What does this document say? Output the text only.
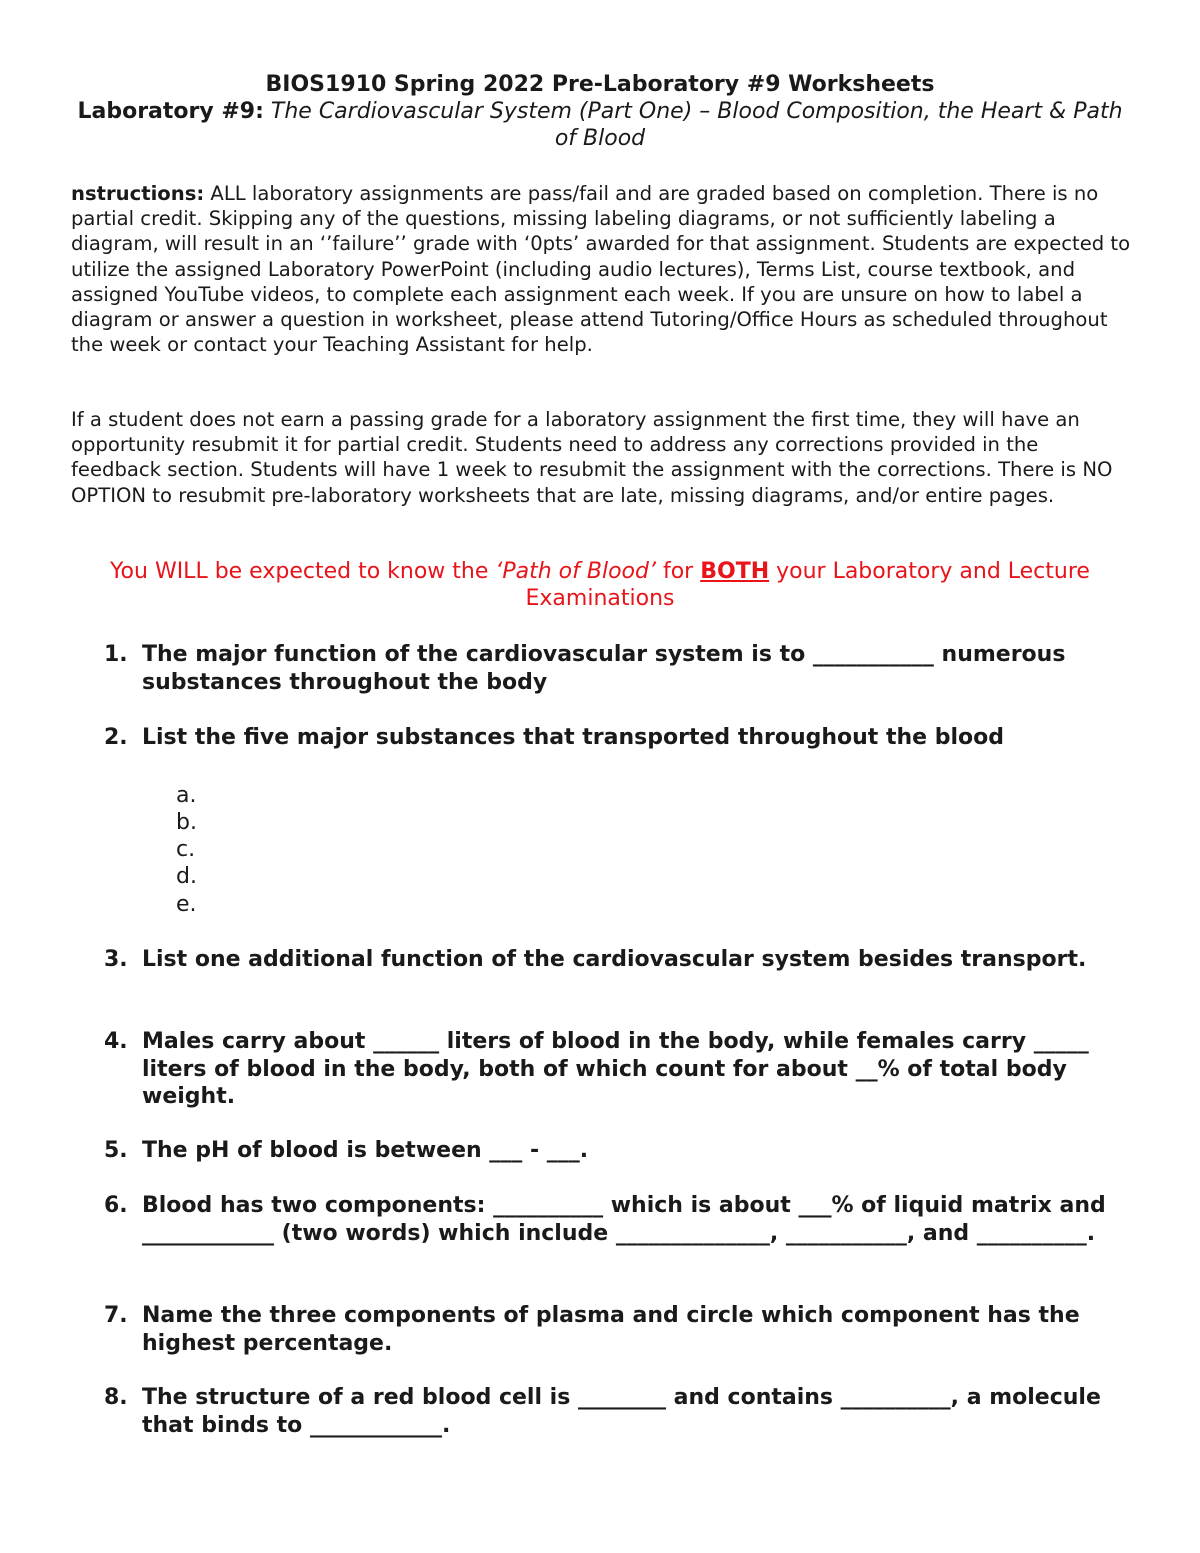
BIOS1910 Spring 2022 Pre-Laboratory #9 Worksheets
Laboratory #9: The Cardiovascular System (Part One) – Blood Composition, the Heart & Path of Blood
nstructions: ALL laboratory assignments are pass/fail and are graded based on completion. There is no partial credit. Skipping any of the questions, missing labeling diagrams, or not sufficiently labeling a diagram, will result in an ‘’failure’’ grade with ‘0pts’ awarded for that assignment. Students are expected to utilize the assigned Laboratory PowerPoint (including audio lectures), Terms List, course textbook, and assigned YouTube videos, to complete each assignment each week. If you are unsure on how to label a diagram or answer a question in worksheet, please attend Tutoring/Office Hours as scheduled throughout the week or contact your Teaching Assistant for help.
If a student does not earn a passing grade for a laboratory assignment the first time, they will have an opportunity resubmit it for partial credit. Students need to address any corrections provided in the feedback section. Students will have 1 week to resubmit the assignment with the corrections. There is NO OPTION to resubmit pre-laboratory worksheets that are late, missing diagrams, and/or entire pages.
You WILL be expected to know the ‘Path of Blood’ for BOTH your Laboratory and Lecture Examinations
1. The major function of the cardiovascular system is to ___________ numerous substances throughout the body
2. List the five major substances that transported throughout the blood
a.
b.
c.
d.
e.
3. List one additional function of the cardiovascular system besides transport.
4. Males carry about ______ liters of blood in the body, while females carry _____ liters of blood in the body, both of which count for about __% of total body weight.
5. The pH of blood is between ___ - ___.
6. Blood has two components: __________ which is about ___% of liquid matrix and ____________ (two words) which include ______________, ___________, and __________.
7. Name the three components of plasma and circle which component has the highest percentage.
8. The structure of a red blood cell is ________ and contains __________, a molecule that binds to ____________.
